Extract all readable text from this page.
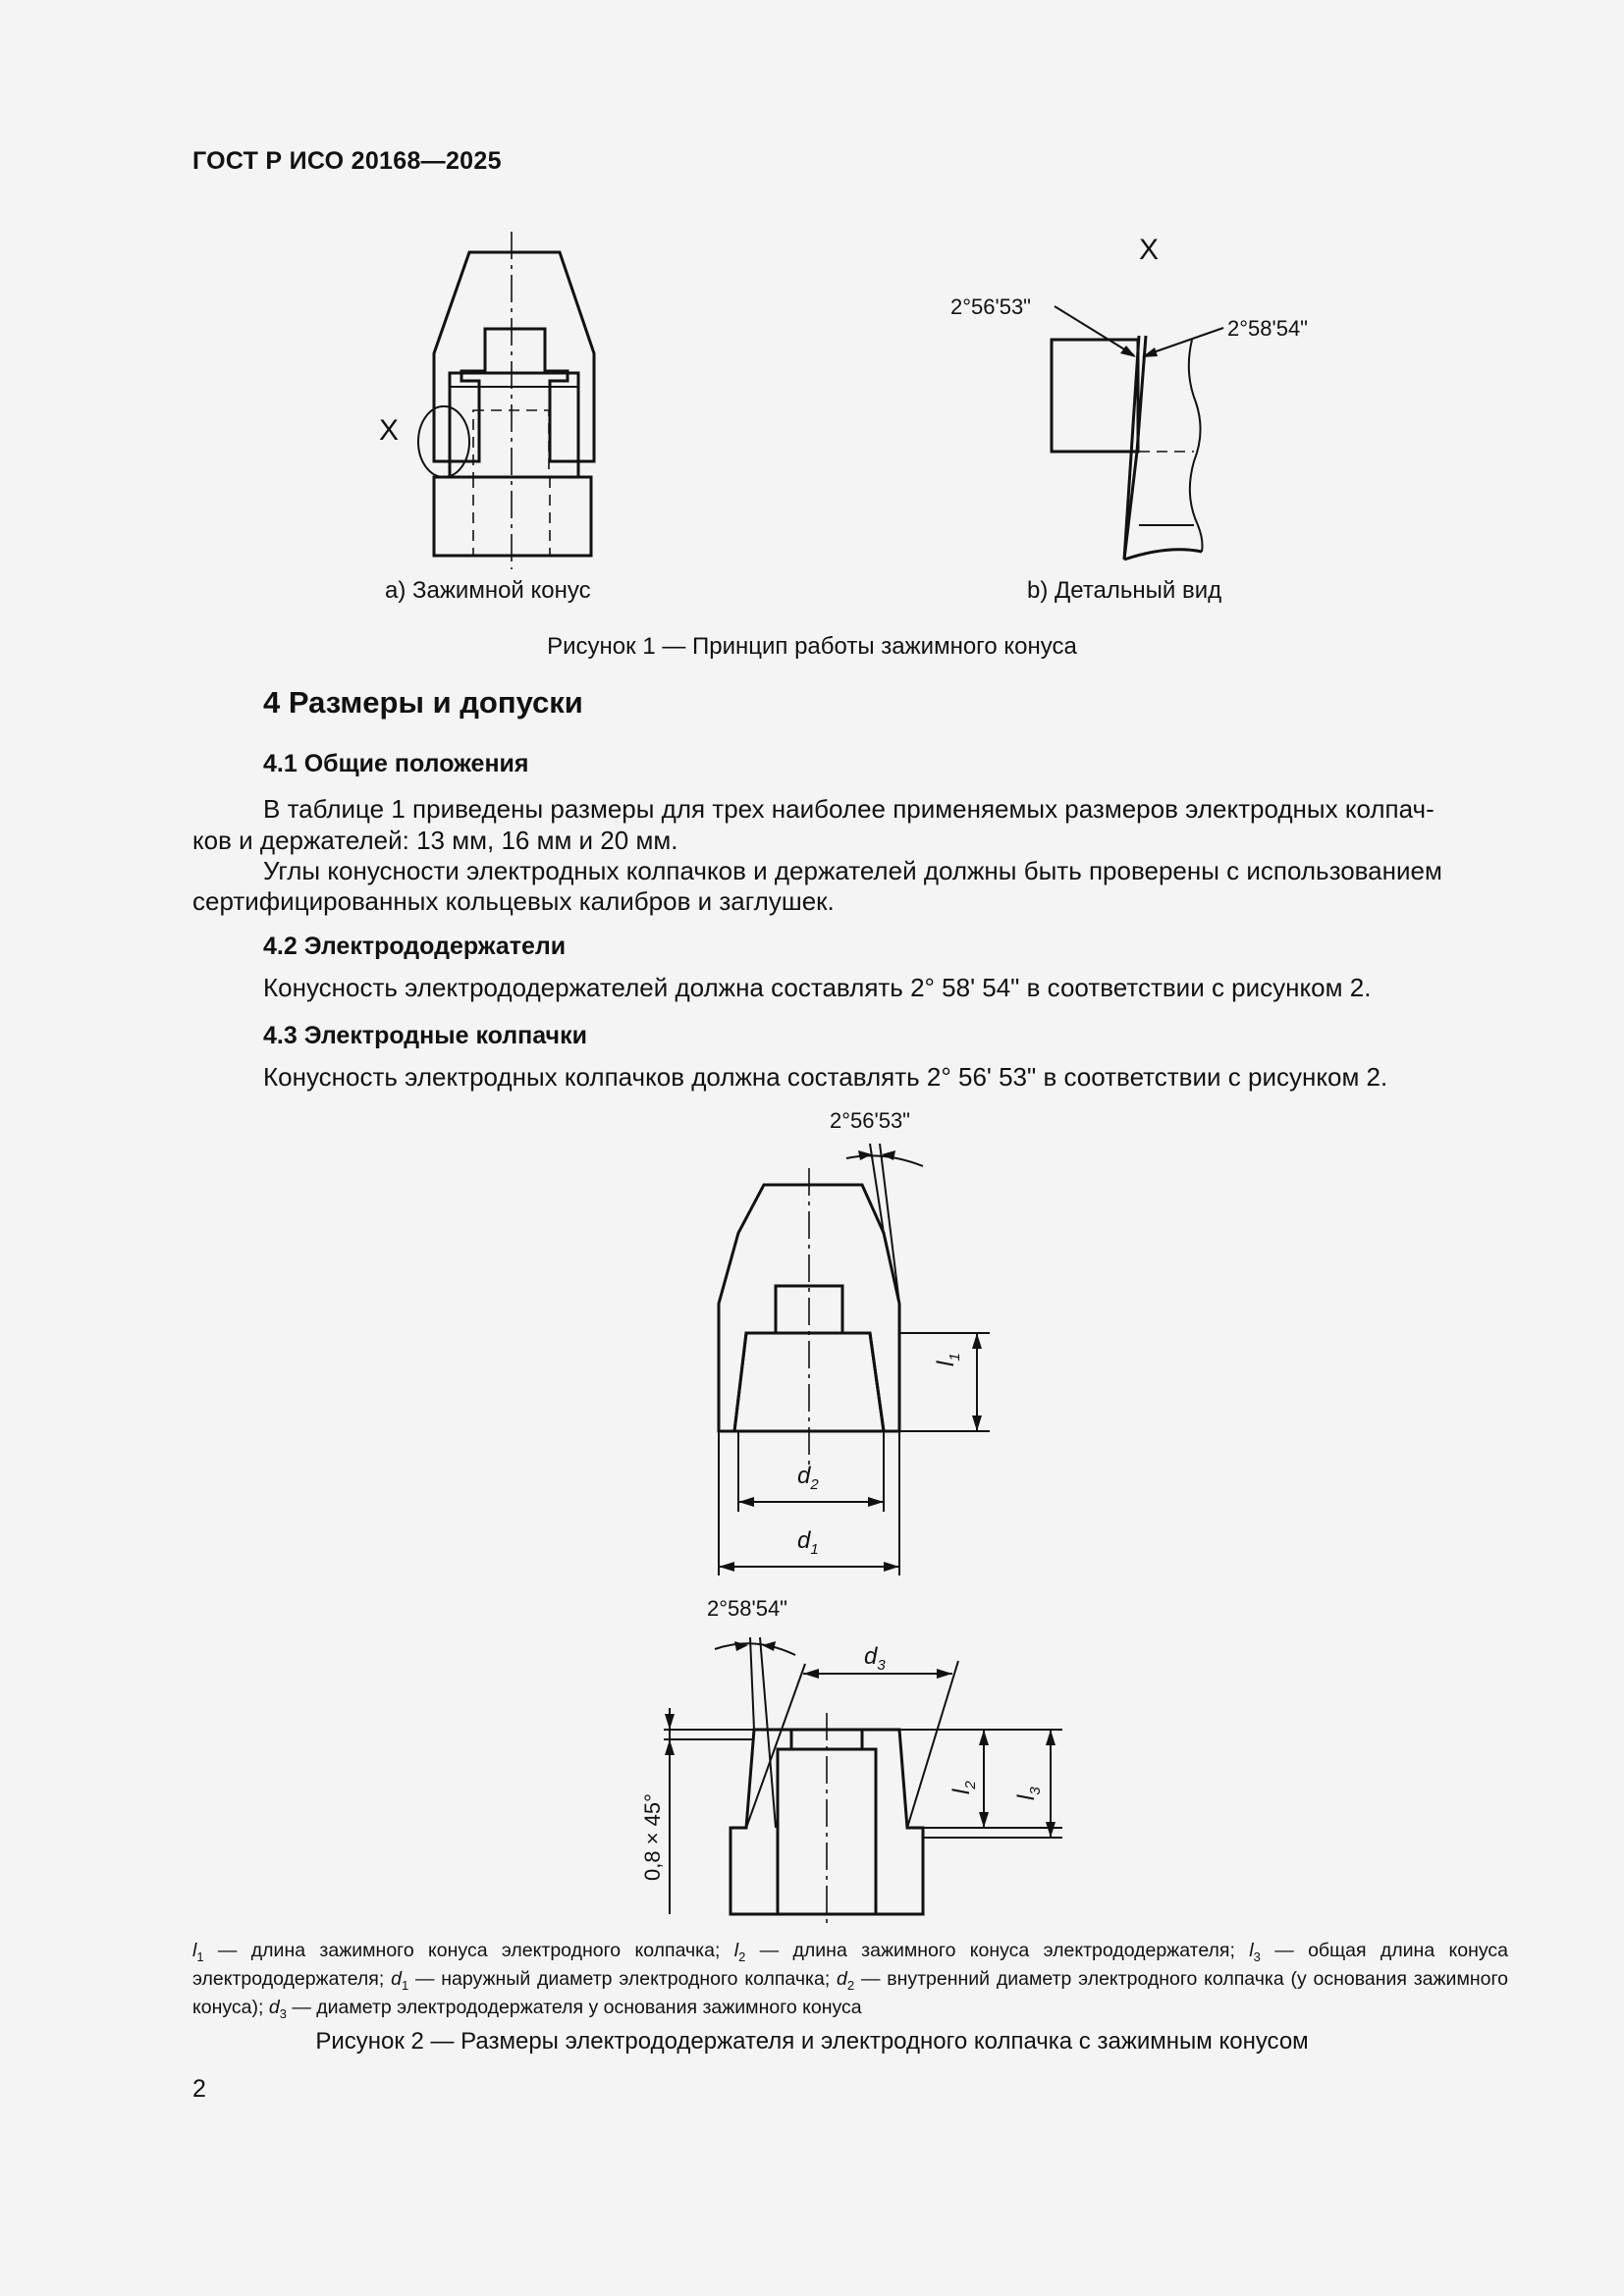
ГОСТ Р ИСО 20168—2025
X
X
2°56'53"
2°58'54"
a) Зажимной конус	b) Детальный вид
Рисунок 1 — Принцип работы зажимного конуса
4 Размеры и допуски
4.1 Общие положения
В таблице 1 приведены размеры для трех наиболее применяемых размеров электродных колпач-
ков и держателей: 13 мм, 16 мм и 20 мм.
Углы конусности электродных колпачков и держателей должны быть проверены с использованием
сертифицированных кольцевых калибров и заглушек.
4.2 Электрододержатели
Конусность электрододержателей должна составлять 2° 58' 54" в соответствии с рисунком 2.
4.3 Электродные колпачки
Конусность электродных колпачков должна составлять 2° 56' 53" в соответствии с рисунком 2.
2°56'53"
2°58'54"
$l_1$
$d_2$
$d_1$
$d_3$
$l_2$
$l_3$
0,8 × 45°
$l_1$ — длина зажимного конуса электродного колпачка; $l_2$ — длина зажимного конуса электрододержателя; $l_3$ — общая длина конуса электрододержателя; $d_1$ — наружный диаметр электродного колпачка; $d_2$ — внутренний диаметр электродного колпачка (у основания зажимного конуса); $d_3$ — диаметр электрододержателя у основания зажимного конуса
Рисунок 2 — Размеры электрододержателя и электродного колпачка с зажимным конусом
2
